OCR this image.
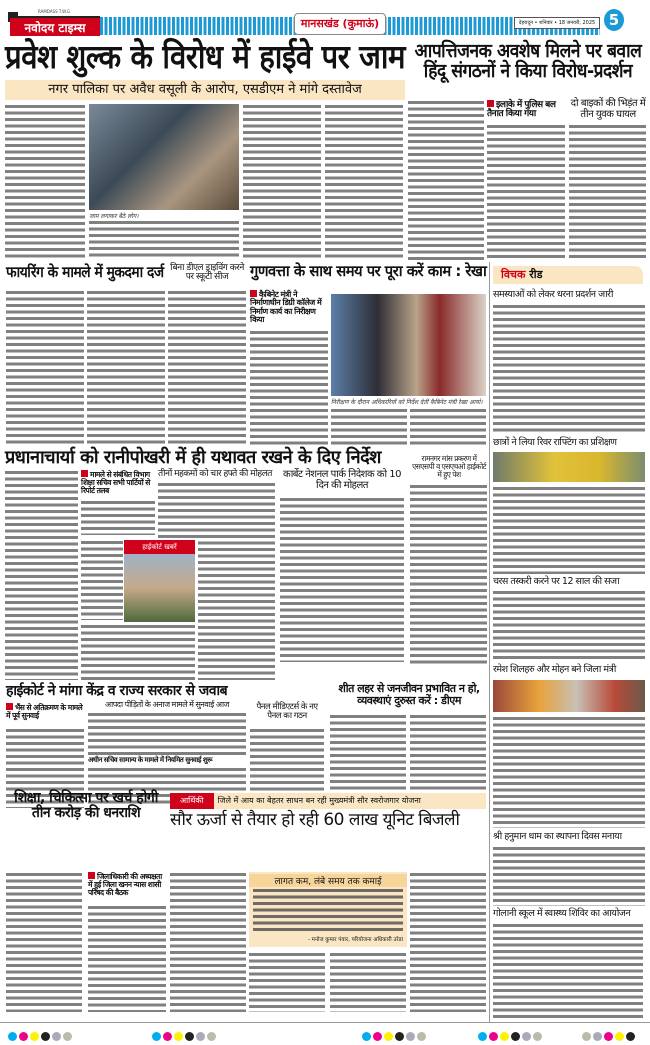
RAMDASS T.W.G
नवोदय टाइम्स	मानसखंड (कुमाऊं)	देहरादून • शनिवार • 18 जनवरी, 2025 5
प्रवेश शुल्क के विरोध में हाईवे पर जाम
नगर पालिका पर अवैध वसूली के आरोप, एसडीएम ने मांगे दस्तावेज
जाम लगाकर बैठे लोग।
आपत्तिजनक अवशेष मिलने पर बवाल हिंदू संगठनों ने किया विरोध-प्रदर्शन
इलाके में पुलिस बल तैनात किया गया
दो बाइकों की भिड़ंत में तीन युवक घायल
फायरिंग के मामले में मुकदमा दर्ज बिना डीएल ड्राइविंग करने पर स्कूटी सीज	गुणवत्ता के साथ समय पर पूरा करें काम : रेखा
कैबिनेट मंत्री ने निर्माणाधीन डिग्री कॉलेज में निर्माण कार्य का निरीक्षण किया
निरीक्षण के दौरान अधिकारियों को निर्देश देतीं कैबिनेट मंत्री रेखा आर्या।
विचक रीड
समस्याओं को लेकर धरना प्रदर्शन जारी
छात्रों ने लिया रिवर राफ्टिंग का प्रशिक्षण
चरस तस्करी करने पर 12 साल की सजा
रमेश शिलहरु और मोहन बने जिला मंत्री
श्री हनुमान धाम का स्थापना दिवस मनाया
गोलानी स्कूल में स्वास्थ्य शिविर का आयोजन
प्रधानाचार्या को रानीपोखरी में ही यथावत रखने के दिए निर्देश
मामले से संबंधित विभाग शिक्षा सचिव सभी पार्टियों से रिपोर्ट तलब
हाईकोर्ट खबरें
तीनों महकमों को चार हफ्ते की मोहलत	कार्बेट नेशनल पार्क निदेशक को 10 दिन की मोहलत
रामनगर मांस प्रकरण में एसएसपी व एसएचओ हाईकोर्ट में हुए पेश
हाईकोर्ट ने मांगा केंद्र व राज्य सरकार से जवाब
भैंस से अतिक्रमण के मामले में पूर्व सुनवाई
आपदा पीड़ितों के अनाज मामले में सुनवाई आज
अधीन सचिव सामान्य के मामले में नियमित सुनवाई शुरू
पैनल मीडिएटर्स के नए पैनल का गठन
शीत लहर से जनजीवन प्रभावित न हो, व्यवस्थाएं दुरुस्त करें : डीएम
शिक्षा, चिकित्सा पर खर्च होगी तीन करोड़ की धनराशि
जिलाधिकारी की अध्यक्षता में हुई जिला खनन न्यास शासी परिषद की बैठक
आर्थिकी जिले में आय का बेहतर साधन बन रही मुख्यमंत्री सौर स्वरोजगार योजना
सौर ऊर्जा से तैयार हो रही 60 लाख यूनिट बिजली
लागत कम, लंबे समय तक कमाई
- मनोज कुमार पंवार, परियोजना अधिकारी उरेडा
